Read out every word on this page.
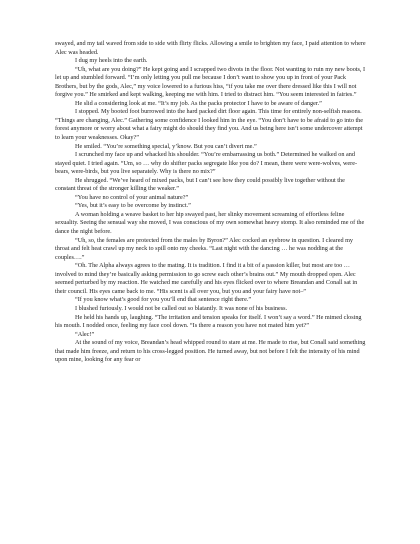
swayed, and my tail waved from side to side with flirty flicks. Allowing a smile to brighten my face, I paid attention to where Alec was headed.

I dug my heels into the earth.

“Uh, what are you doing?” He kept going and I scrapped two divots in the floor. Not wanting to ruin my new boots, I let up and stumbled forward. “I’m only letting you pull me because I don’t want to show you up in front of your Pack Brothers, but by the gods, Alec,” my voice lowered to a furious hiss, “if you take me over there dressed like this I will not forgive you.” He smirked and kept walking, keeping me with him. I tried to distract him. “You seem interested in fairies.”

He slid a considering look at me. “It’s my job. As the packs protector I have to be aware of danger.”

I stopped. My booted foot burrowed into the hard packed dirt floor again. This time for entirely non-selfish reasons. “Things are changing, Alec.” Gathering some confidence I looked him in the eye. “You don’t have to be afraid to go into the forest anymore or worry about what a fairy might do should they find you. And us being here isn’t some undercover attempt to learn your weaknesses. Okay?”

He smiled. “You’re something special, y’know. But you can’t divert me.”

I scrunched my face up and whacked his shoulder. “You’re embarrassing us both.” Determined he walked on and stayed quiet. I tried again. “Um, so … why do shifter packs segregate like you do? I mean, there were were-wolves, were-bears, were-birds, but you live separately. Why is there no mix?”

He shrugged. “We’ve heard of mixed packs, but I can’t see how they could possibly live together without the constant threat of the stronger killing the weaker.”

“You have no control of your animal nature?”

“Yes, but it’s easy to be overcome by instinct.”

A woman holding a weave basket to her hip swayed past, her slinky movement screaming of effortless feline sexuality. Seeing the sensual way she moved, I was conscious of my own somewhat heavy stomp. It also reminded me of the dance the night before.

“Uh, so, the females are protected from the males by Byron?” Alec cocked an eyebrow in question. I cleared my throat and felt heat crawl up my neck to spill onto my cheeks. “Last night with the dancing … he was nodding at the couples….”

“Oh. The Alpha always agrees to the mating. It is tradition. I find it a bit of a passion killer, but most are too … involved to mind they’re basically asking permission to go screw each other’s brains out.” My mouth dropped open. Alec seemed perturbed by my reaction. He watched me carefully and his eyes flicked over to where Breandan and Conall sat in their council. His eyes came back to me. “His scent is all over you, but you and your fairy have not–”

“If you know what’s good for you you’ll end that sentence right there.”

I blushed furiously. I would not be called out so blatantly. It was none of his business.

He held his hands up, laughing. “The irritation and tension speaks for itself. I won’t say a word.” He mimed closing his mouth. I nodded once, feeling my face cool down. “Is there a reason you have not mated him yet?”

“Alec!”

At the sound of my voice, Breandan’s head whipped round to stare at me. He made to rise, but Conall said something that made him freeze, and return to his cross-legged position. He turned away, but not before I felt the intensity of his mind upon mine, looking for any fear or
